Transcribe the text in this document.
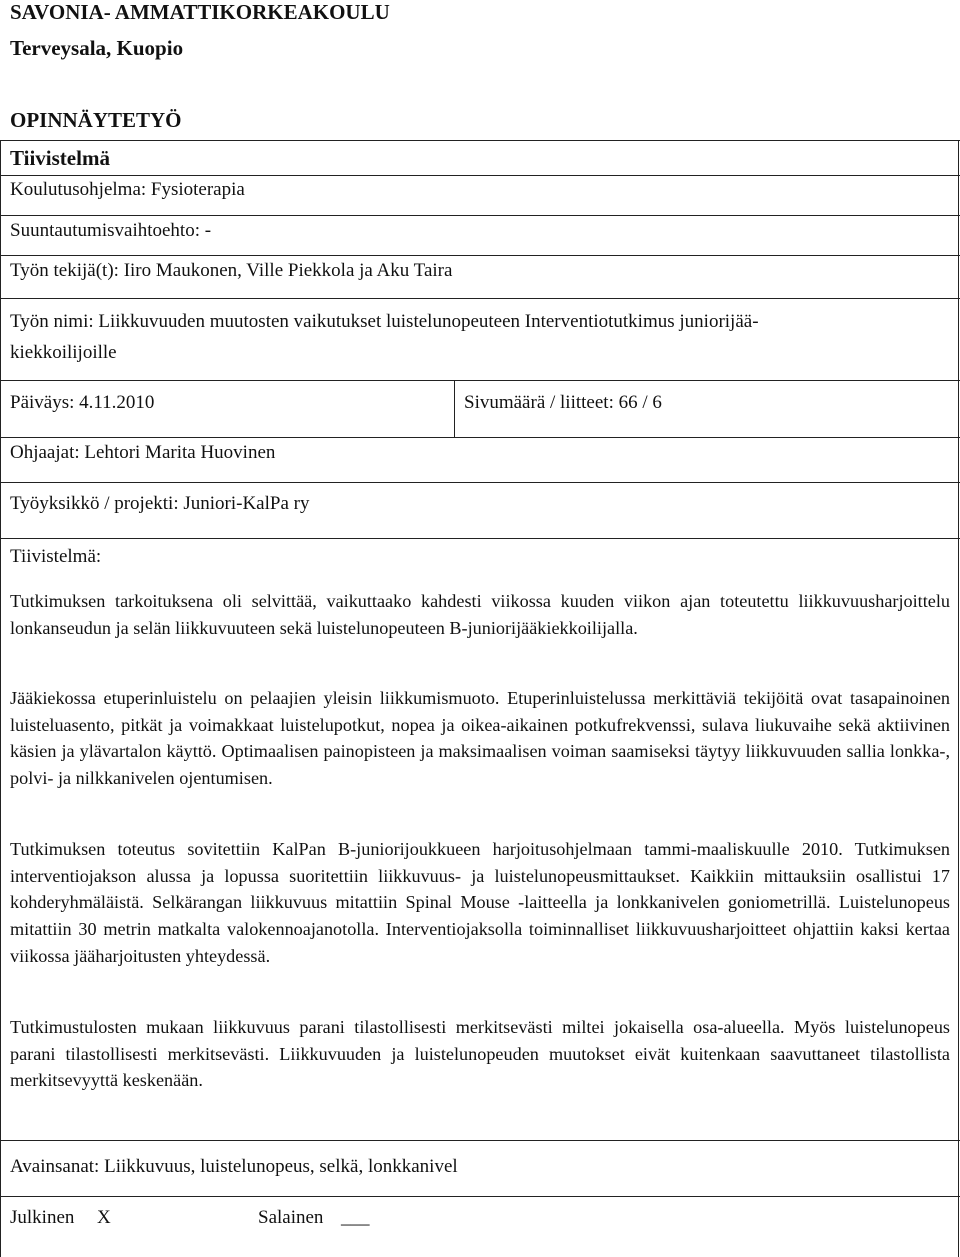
SAVONIA- AMMATTIKORKEAKOULU
Terveysala, Kuopio
OPINNÄYTETYÖ
Tiivistelmä
Koulutusohjelma: Fysioterapia
Suuntautumisvaihtoehto: -
Työn tekijä(t): Iiro Maukonen, Ville Piekkola ja Aku Taira
Työn nimi: Liikkuvuuden muutosten vaikutukset luistelunopeuteen Interventiotutkimus juniorijää-
kiekkoilijoille
Päiväys: 4.11.2010	Sivumäärä / liitteet: 66 / 6
Ohjaajat: Lehtori Marita Huovinen
Työyksikkö / projekti: Juniori-KalPa ry
Tiivistelmä:
Tutkimuksen tarkoituksena oli selvittää, vaikuttaako kahdesti viikossa kuuden viikon ajan toteutettu liikkuvuusharjoittelu lonkanseudun ja selän liikkuvuuteen sekä luistelunopeuteen B-juniorijääkiekkoilijalla.
Jääkiekossa etuperinluistelu on pelaajien yleisin liikkumismuoto. Etuperinluistelussa merkittäviä tekijöitä ovat tasapainoinen luisteluasento, pitkät ja voimakkaat luistelupotkut, nopea ja oikea-aikainen potkufrekvenssi, sulava liukuvaihe sekä aktiivinen käsien ja ylävartalon käyttö. Optimaalisen painopisteen ja maksimaalisen voiman saamiseksi täytyy liikkuvuuden sallia lonkka-, polvi- ja nilkkanivelen ojentumisen.
Tutkimuksen toteutus sovitettiin KalPan B-juniorijoukkueen harjoitusohjelmaan tammi-maaliskuulle 2010. Tutkimuksen interventiojakson alussa ja lopussa suoritettiin liikkuvuus- ja luistelunopeusmittaukset. Kaikkiin mittauksiin osallistui 17 kohderyhmäläistä. Selkärangan liikkuvuus mitattiin Spinal Mouse -laitteella ja lonkkanivelen goniometrillä. Luistelunopeus mitattiin 30 metrin matkalta valokennoajanotolla. Interventiojaksolla toiminnalliset liikkuvuusharjoitteet ohjattiin kaksi kertaa viikossa jääharjoitusten yhteydessä.
Tutkimustulosten mukaan liikkuvuus parani tilastollisesti merkitsevästi miltei jokaisella osa-alueella. Myös luistelunopeus parani tilastollisesti merkitsevästi. Liikkuvuuden ja luistelunopeuden muutokset eivät kuitenkaan saavuttaneet tilastollista merkitsevyyttä keskenään.
Avainsanat: Liikkuvuus, luistelunopeus, selkä, lonkkanivel
Julkinen X	Salainen ___
